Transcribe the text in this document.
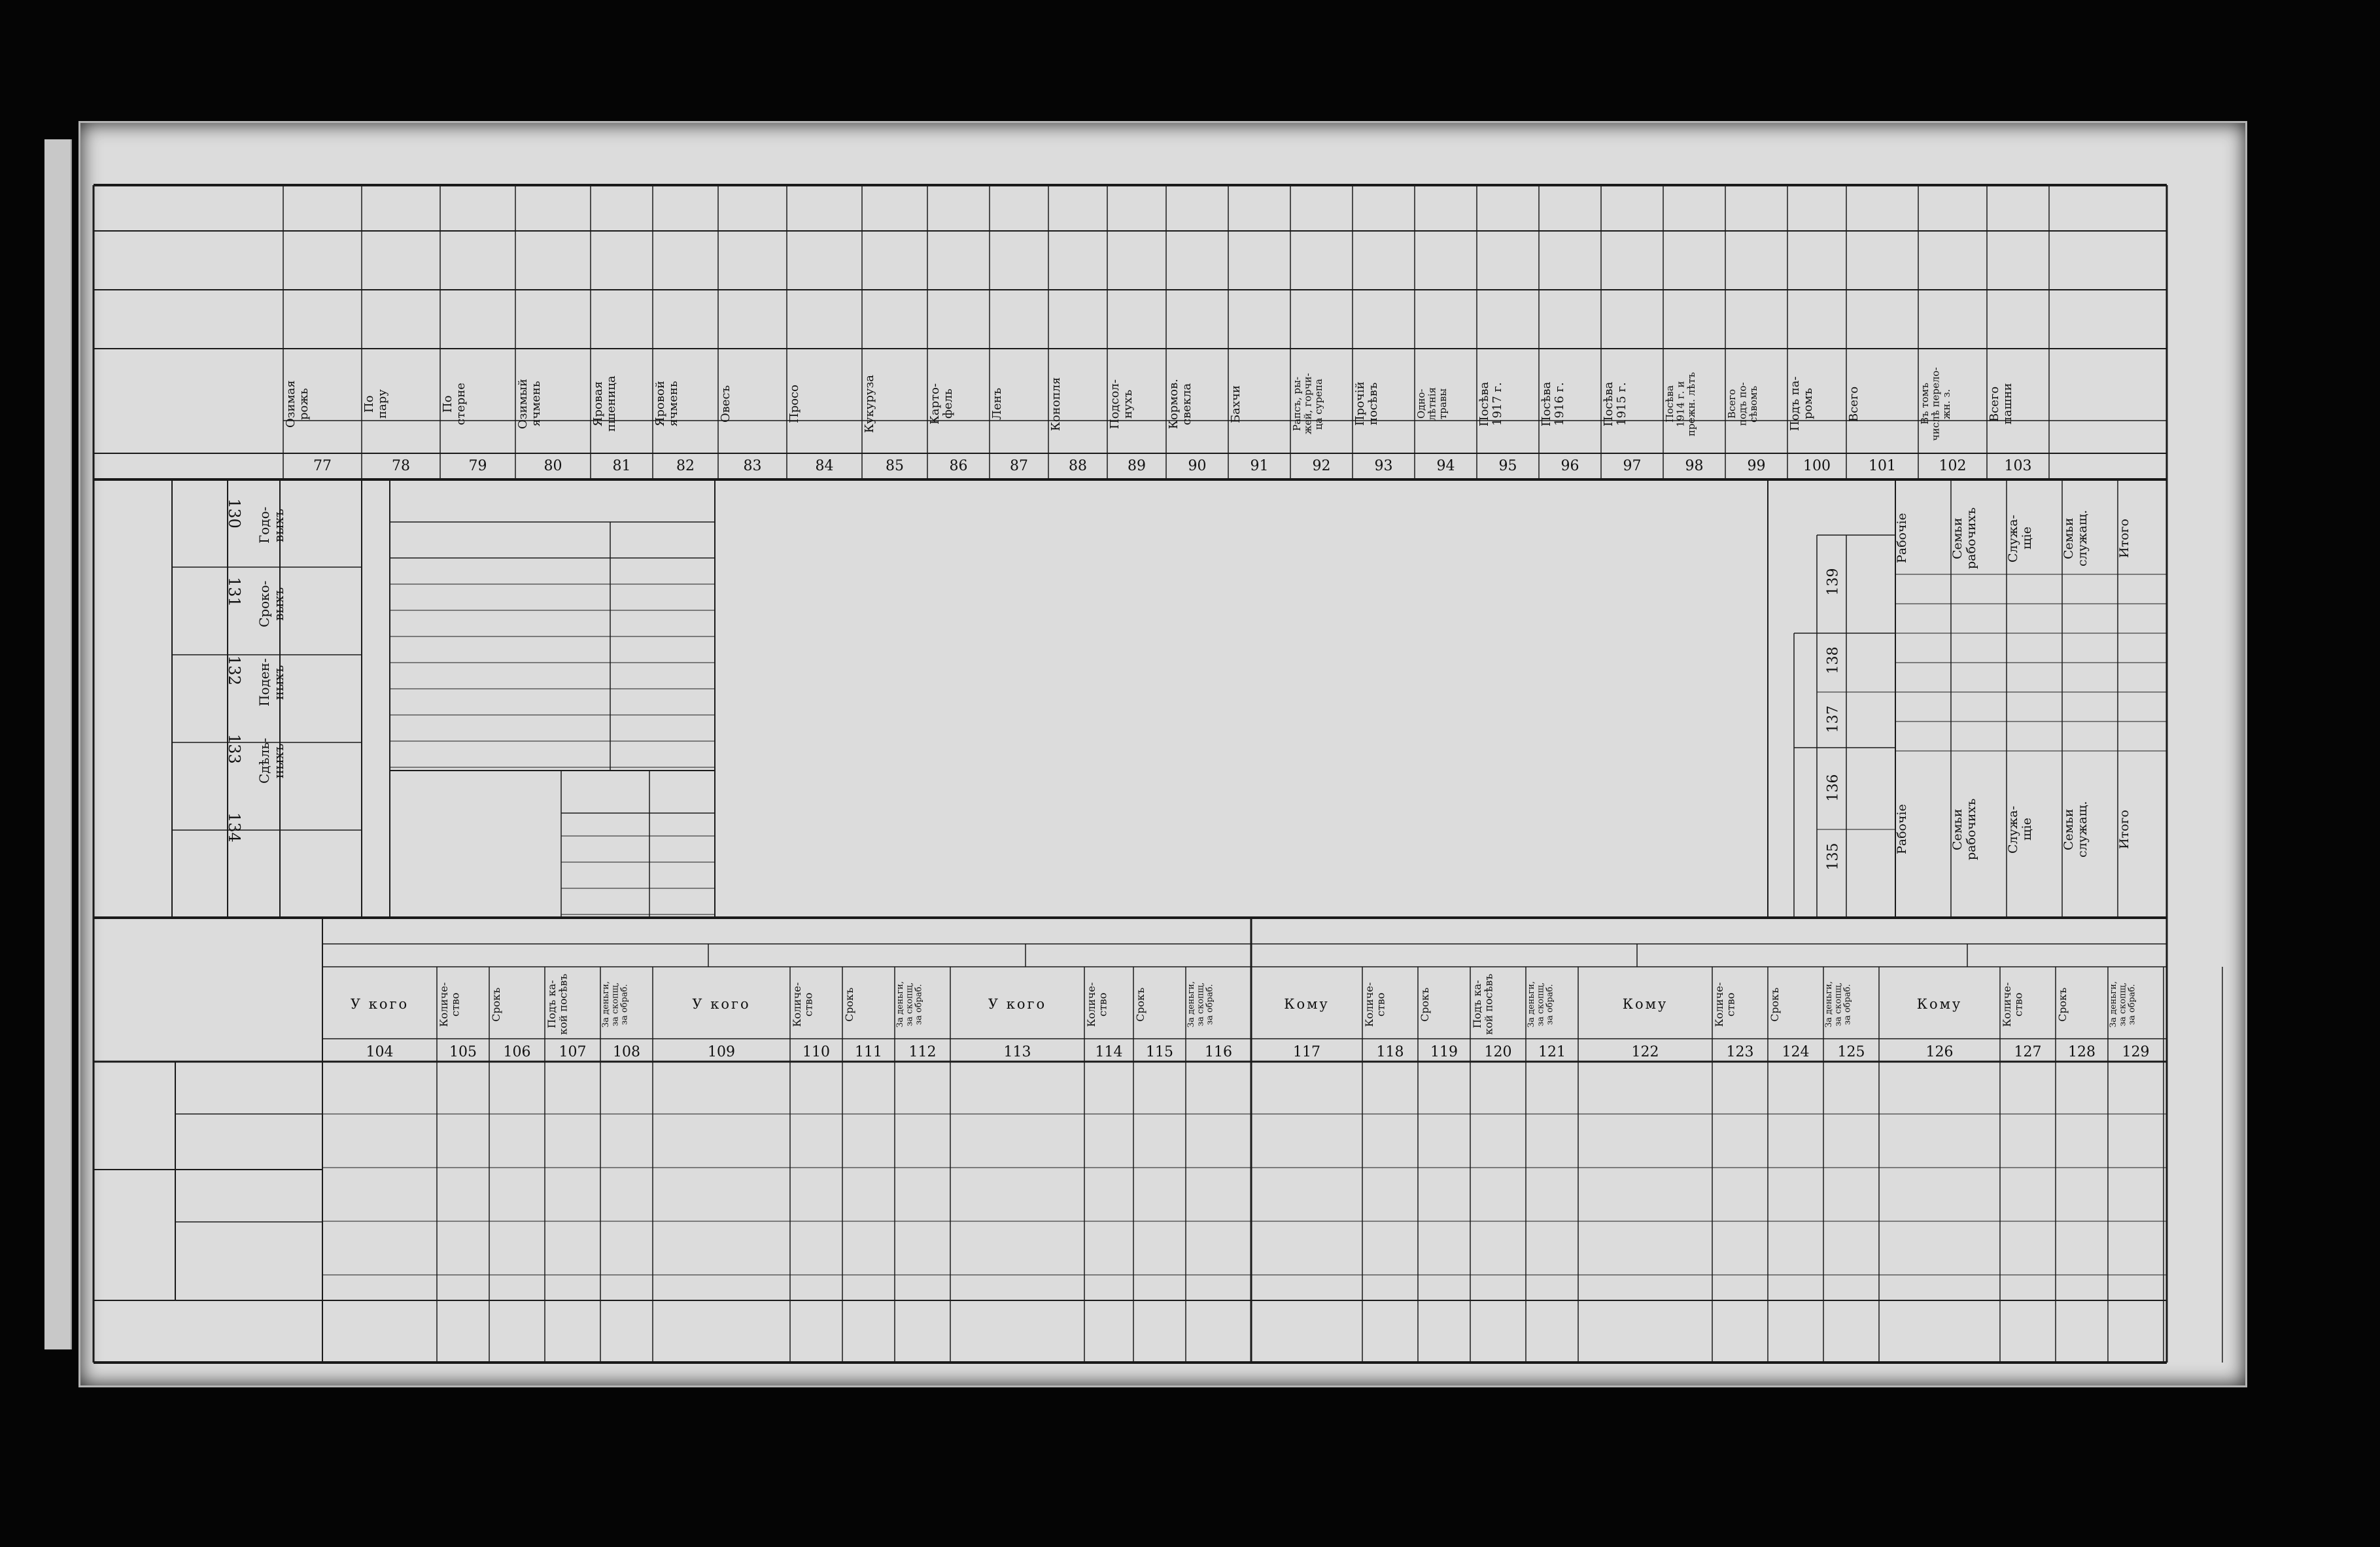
Озимая
рожь
77
По
пару
78
По
стерне
79
Озимый
ячмень
80
Яровая
пшеница
81
Яровой
ячмень
82
Овесъ
83
Просо
84
Кукуруза
85
Карто-
фель
86
Ленъ
87
Конопля
88
Подсол-
нухъ
89
Кормов.
свекла
90
Бахчи
91
Рапсъ, ры-
жей, горчи-
ца сурепа
92
Прочій
посѣвъ
93
Одно-
лѣтнія
травы
94
Посѣва
1917 г.
95
Посѣва
1916 г.
96
Посѣва
1915 г.
97
Посѣва
1914 г. и
прежн. лѣтъ
98
Всего
подъ по-
сѣвомъ
99
Подъ па-
ромъ
100
Всего
101
Въ томъ
числѣ перело-
жн. з.
102
Всего
пашни
103
130 Годо-
выхъ
131 Сроко-
выхъ
132 Поден-
ныхъ
133 Сдѣль-
ныхъ
134
135
136
137
138
139
Рабочіе
Рабочіе
Семьи
рабочихъ
Семьи
рабочихъ
Служа-
щіе
Служа-
щіе
Семьи
служащ.
Семьи
служащ.
Итого
Итого
У кого
104
Количе-
ство
105
Срокъ
106
Подъ ка-
кой посѣвъ
107
За деньги,
за скопщ,
за обраб.
108
У кого
109
Количе-
ство
110
Срокъ
111
За деньги,
за скопщ,
за обраб.
112
У кого
113
Количе-
ство
114
Срокъ
115
За деньги,
за скопщ,
за обраб.
116
Кому
117
Количе-
ство
118
Срокъ
119
Подъ ка-
кой посѣвъ
120
За деньги,
за скопщ,
за обраб.
121
Кому
122
Количе-
ство
123
Срокъ
124
За деньги,
за скопщ,
за обраб.
125
Кому
126
Количе-
ство
127
Срокъ
128
За деньги,
за скопщ,
за обраб.
129
